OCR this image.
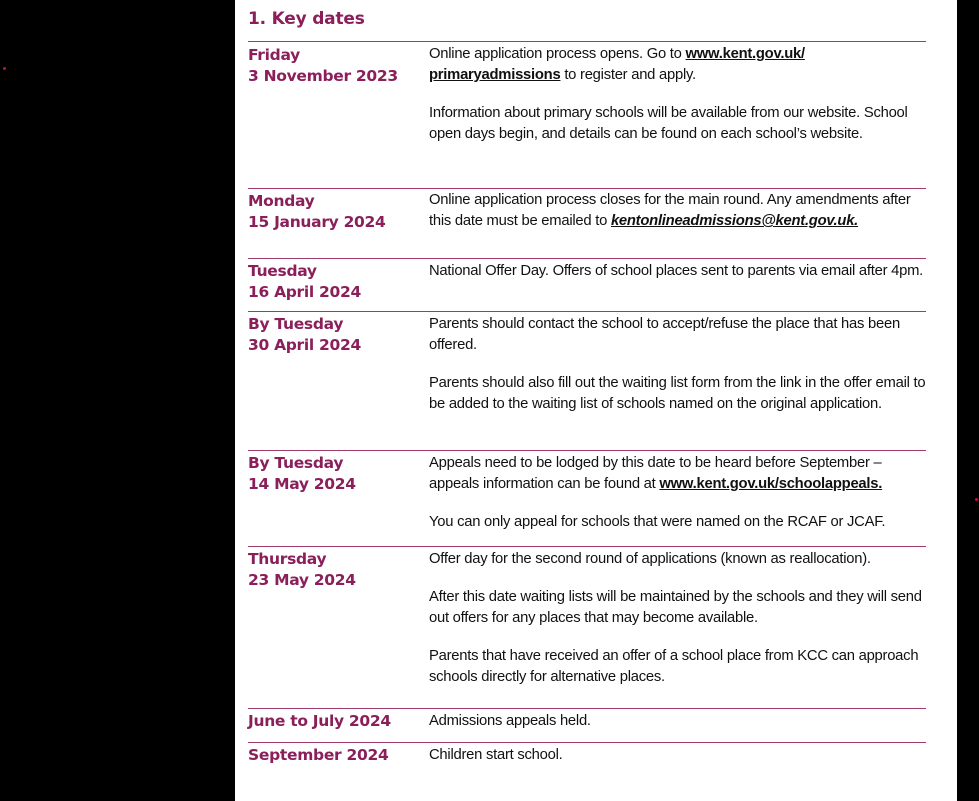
1. Key dates
Friday
3 November 2023

Online application process opens. Go to www.kent.gov.uk/​primaryadmissions to register and apply.

Information about primary schools will be available from our website. School open days begin, and details can be found on each school’s website.

Monday
15 January 2024

Online application process closes for the main round. Any amendments after this date must be emailed to kentonlineadmissions@kent.gov.uk.

Tuesday
16 April 2024

National Offer Day. Offers of school places sent to parents via email after 4pm.

By Tuesday
30 April 2024

Parents should contact the school to accept/refuse the place that has been offered.

Parents should also fill out the waiting list form from the link in the offer email to be added to the waiting list of schools named on the original application.

By Tuesday
14 May 2024

Appeals need to be lodged by this date to be heard before September – appeals information can be found at www.kent.gov.uk/schoolappeals.

You can only appeal for schools that were named on the RCAF or JCAF.

Thursday
23 May 2024

Offer day for the second round of applications (known as reallocation).

After this date waiting lists will be maintained by the schools and they will send out offers for any places that may become available.

Parents that have received an offer of a school place from KCC can approach schools directly for alternative places.

June to July 2024	Admissions appeals held.

September 2024	Children start school.
